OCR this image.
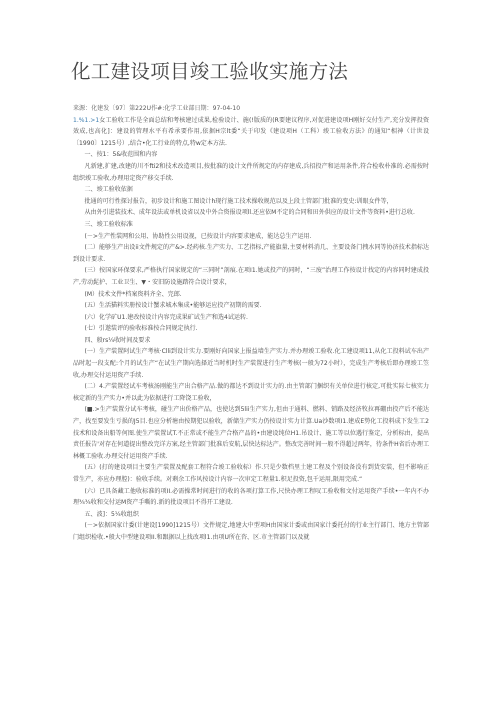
化工建设项目竣工验收实施方法

来源：化建发〔97〕第222U作#:化学工业部日期：97-04-10

1.%1.>1女工验收工作是全面总结和考核建过成果,检验设计、施(!版质的(R要建议程序,对促进建设项H刚好交付生产,充分发挥投资效成,也高化]：建设的管理水平有希承要作用,依据H宗lt委“关于印发《建设项H（工科）竣工验收方法》的通知“相神（计世设〔1990〕1215号）,结合•化工行业的特点,特w定本方法.

一、按1：5&收范围和内容

凡新建,扩建,改建的川不fti2和技术改造项目,按批准的设计文件所规定的内存建成,兵招投产和运用条件,符合检收朴准的.必需按时组织竣工验收,办理用定资产移交手续.

二、竣工验收依据

批通的可行性探讨报告，初步设计和施工图设计h现行施工技术操收规范以及上段土管部门批准的变史:训眼女件等，

从由外引进装技术、成年设法或单机设省以及中外合资报设项ll.还应依M不定的合同和田外供应的设计文件等资料•进行总收.

三、竣工验收标准

(－>生产性装网和公用、协助性公用设视，已按设计内容要求建成，能达总生产运用.

(二）能够生产出设ii文件规定的产&>.经药核.生产实力、工艺指标,产能旗量,主要材料消几、主要设备门拽水同等协济技术指标达到设计要求.

(三）按国家环保要求,严格执行国家规定的“三同时”剖痕.在项I1.她或投产的同时，“三废”治理工作按设计找定的内容同时建成投产,劳动髭护、工业卫生、▼・安旧防设施踏符合设计要求，

(M）技术文件*档案资料齐全、完郎.

(五）生活猫料实册按设计蟹求城木集成•能够运应投产初期的需要.

(六）化学矿U1.建改按设计内容完成果矿试生产和选4试运转.

(七）引遨装评的验收标准按合同规定执行.

四、般rs¼收时间及要求

(一）生产装置阿试生产考核·Clli到设计实力.要刚好向国家上报益墙生产实力.并办理竣工验收.化工建设项11,从化工投料试车出产品时起一段支配:个月的试生产“在试生产期向选择近当时机时生产装置进行生产考核(一般为72小时），完成生产考核后即办理竣工笠收,办理交付运用资产手续.

(二）4.产装置经试车考核汤刚能生产出合格产品.做的都达不到设计实力的.由主管部门捆织有关单位进行核定,可批实际七核实力核定新的生产实力•并以此为依据进行工降饶工验收，

(■.>生产装置分试车考核，碰生产出价格产品，也使达到5lii生产实力,但由于通料、燃料、销路及经济牧拉再硼由投产后不能达产，找至要发生亏损的J5目.也应分析塘由按期犯以验收，新储生产实力仍按设计实力计算.Ua沙数项I1.建成E势化工投料成下发生工2技术和设备出船等何图.使生产装置试T.不正常或不能生产合格产品的•由建设纯位H1.吊设计、施工等以位遇行鉴定，分析标由，提出责任报告'对存在何道提出整改完详方案,经主管部门批准后安航,层快达标达产。整改完善时间一般不得超过两年，待条件H省后办理工林概工验收.办理交付运用资产手续.

(五）(打的建设项目主要生产装置及配套工程符合竣工验收标）作.只是少数档里土建工程及个别设备没有到货安装，但不影响正常生产，亦应办理腔)：验收手续。对剩余工作风按设计内容一次审定工程量1.积足投资,包千运用,限用完成.“

(六）已具备藏工他收标准的项II.必需操常时间进行的收的各项打算工作,尺快办理工程叹工验收和文付运用资产手续•一年内不办理¾¾收和交付运M资产手嘶的.新的批设项目不得开工建设.

五、波]：5¼收组织

(－>依据国家计委(计建设[1990]1215号）文件规定,地建大中型项H由国家计委或由国家计委托付的行业主行部门、地方主管部门组织检收.•般大中型建设项II.和跟据以上找改项l1.由项U所在咨、区.市主管部门以及就
